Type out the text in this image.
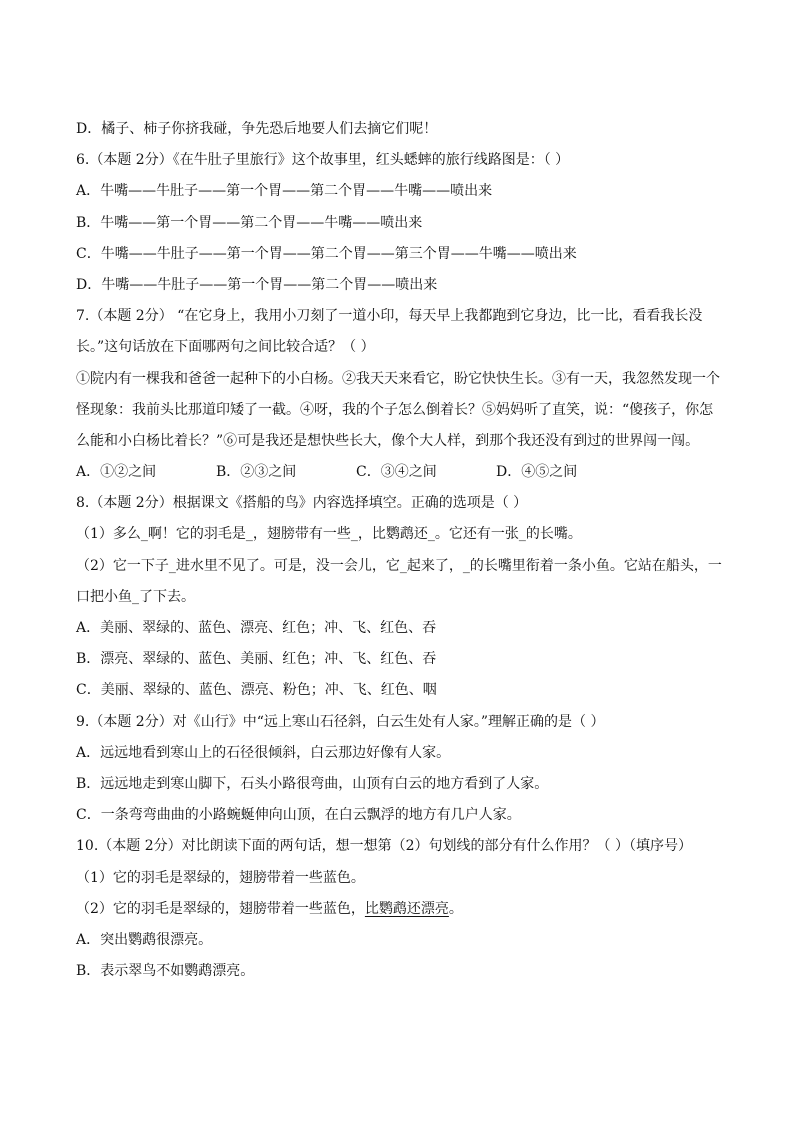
D．橘子、柿子你挤我碰，争先恐后地要人们去摘它们呢！
6.（本题 2分）《在牛肚子里旅行》这个故事里，红头蟋蟀的旅行线路图是：（ ）
A．牛嘴——牛肚子——第一个胃——第二个胃——牛嘴——喷出来
B．牛嘴——第一个胃——第二个胃——牛嘴——喷出来
C．牛嘴——牛肚子——第一个胃——第二个胃——第三个胃——牛嘴——喷出来
D．牛嘴——牛肚子——第一个胃——第二个胃——喷出来
7.（本题 2分） “在它身上，我用小刀刻了一道小印，每天早上我都跑到它身边，比一比，看看我长没
长。”这句话放在下面哪两句之间比较合适？（ ）
①院内有一棵我和爸爸一起种下的小白杨。②我天天来看它，盼它快快生长。③有一天，我忽然发现一个
怪现象：我前头比那道印矮了一截。④呀，我的个子怎么倒着长？⑤妈妈听了直笑，说：“傻孩子，你怎
么能和小白杨比着长？”⑥可是我还是想快些长大，像个大人样，到那个我还没有到过的世界闯一闯。
A．①②之间	B．②③之间	C．③④之间	D．④⑤之间
8.（本题 2分）根据课文《搭船的鸟》内容选择填空。正确的选项是（ ）
（1）多么_啊！它的羽毛是_，翅膀带有一些_，比鹦鹉还_。它还有一张_的长嘴。
（2）它一下子_进水里不见了。可是，没一会儿，它_起来了，_的长嘴里衔着一条小鱼。它站在船头，一
口把小鱼_了下去。
A．美丽、翠绿的、蓝色、漂亮、红色；冲、飞、红色、吞
B．漂亮、翠绿的、蓝色、美丽、红色；冲、飞、红色、吞
C．美丽、翠绿的、蓝色、漂亮、粉色；冲、飞、红色、咽
9.（本题 2分）对《山行》中“远上寒山石径斜，白云生处有人家。”理解正确的是（ ）
A．远远地看到寒山上的石径很倾斜，白云那边好像有人家。
B．远远地走到寒山脚下，石头小路很弯曲，山顶有白云的地方看到了人家。
C．一条弯弯曲曲的小路蜿蜒伸向山顶，在白云飘浮的地方有几户人家。
10.（本题 2分）对比朗读下面的两句话，想一想第（2）句划线的部分有什么作用？（ ）（填序号）
（1）它的羽毛是翠绿的，翅膀带着一些蓝色。
（2）它的羽毛是翠绿的，翅膀带着一些蓝色，比鹦鹉还漂亮。
A．突出鹦鹉很漂亮。
B．表示翠鸟不如鹦鹉漂亮。
